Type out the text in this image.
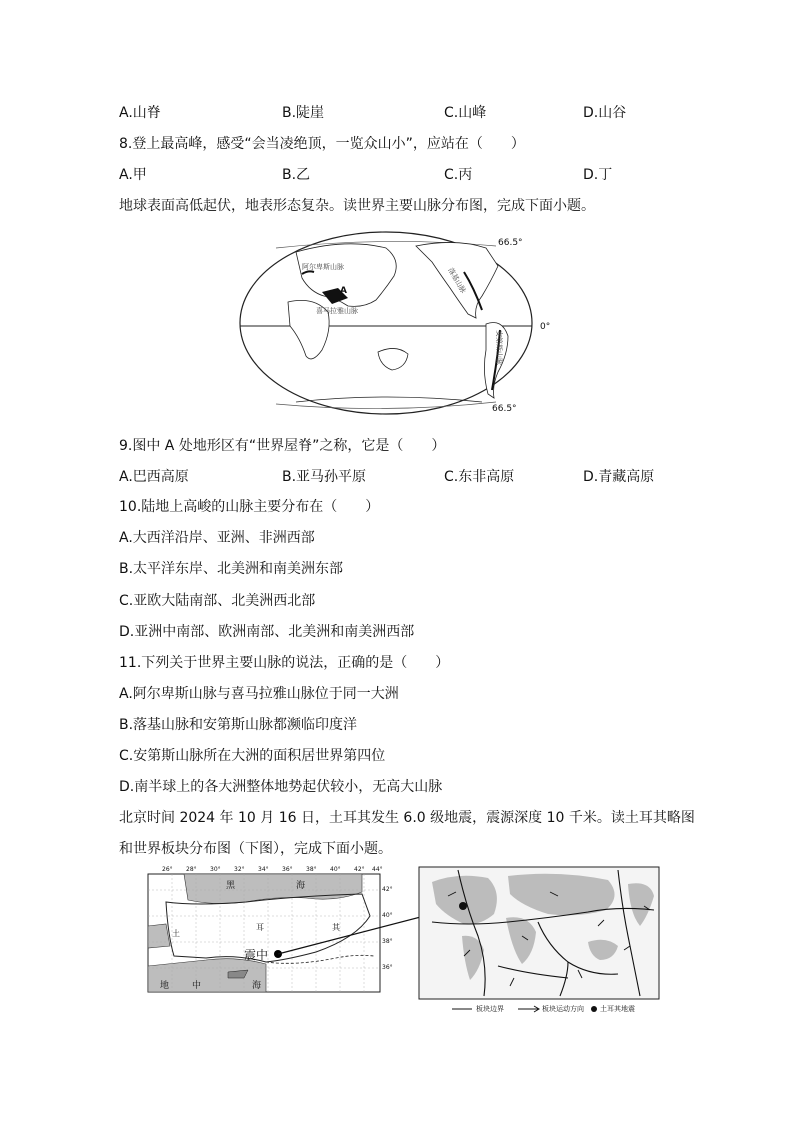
A.山脊	B.陡崖	C.山峰	D.山谷
8.登上最高峰，感受“会当凌绝顶，一览众山小”，应站在（　　）
A.甲	B.乙	C.丙	D.丁
地球表面高低起伏，地表形态复杂。读世界主要山脉分布图，完成下面小题。
阿尔卑斯山脉
喜马拉雅山脉
落基山脉
安第斯山脉
A
66.5°
0°
66.5°
9.图中 A 处地形区有“世界屋脊”之称，它是（　　）
A.巴西高原	B.亚马孙平原	C.东非高原	D.青藏高原
10.陆地上高峻的山脉主要分布在（　　）
A.大西洋沿岸、亚洲、非洲西部
B.太平洋东岸、北美洲和南美洲东部
C.亚欧大陆南部、北美洲西北部
D.亚洲中南部、欧洲南部、北美洲和南美洲西部
11.下列关于世界主要山脉的说法，正确的是（　　）
A.阿尔卑斯山脉与喜马拉雅山脉位于同一大洲
B.落基山脉和安第斯山脉都濒临印度洋
C.安第斯山脉所在大洲的面积居世界第四位
D.南半球上的各大洲整体地势起伏较小，无高大山脉
北京时间 2024 年 10 月 16 日，土耳其发生 6.0 级地震，震源深度 10 千米。读土耳其略图
和世界板块分布图（下图），完成下面小题。
26° 28° 30° 32° 34° 36° 38° 40° 42° 44°
42°
40°
38°
36°
黑	海
土
耳	其
地	中	海
震中
板块边界	板块运动方向 土耳其地震
